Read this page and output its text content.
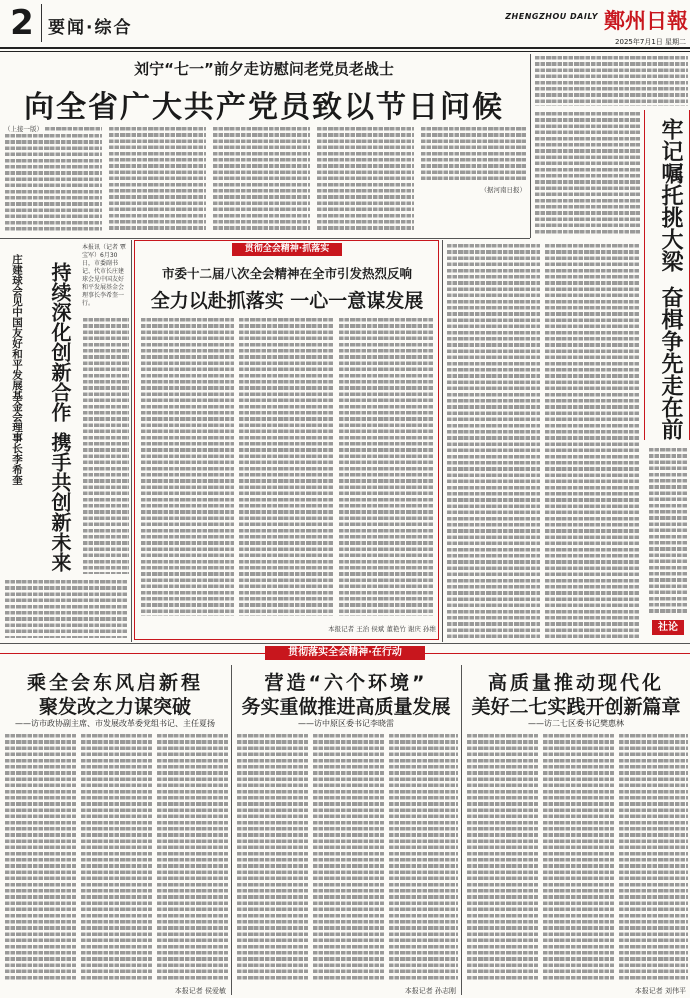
2 要闻·综合
ZHENGZHOU DAILY 鄭州日報
2025年7月1日 星期二
刘宁“七一”前夕走访慰问老党员老战士
向全省广大共产党员致以节日问候
（上接一版）
（据河南日报）	牢记嘱托挑大梁
奋楫争先走在前
社论
庄建球会见中国友好和平发展基金会理事长李希奎 持续深化创新合作
携手共创新未来
本报讯（记者 覃宝军）6月30日，市委副书记、代市长庄建球会见中国友好和平发展基金会理事长李希奎一行。
贯彻全会精神·抓落实
市委十二届八次全会精神在全市引发热烈反响
全力以赴抓落实 一心一意谋发展
本报记者 王治 侯斌 董艳竹 谢庆 孙维
贯彻落实全会精神·在行动
乘全会东风启新程
聚发改之力谋突破
——访市政协副主席、市发展改革委党组书记、主任夏扬
本报记者 侯爱敏
营造“六个环境”
务实重做推进高质量发展
——访中原区委书记李晓雷
本报记者 孙志刚
高质量推动现代化
美好二七实践开创新篇章
——访二七区委书记樊惠林
本报记者 刘伟平
